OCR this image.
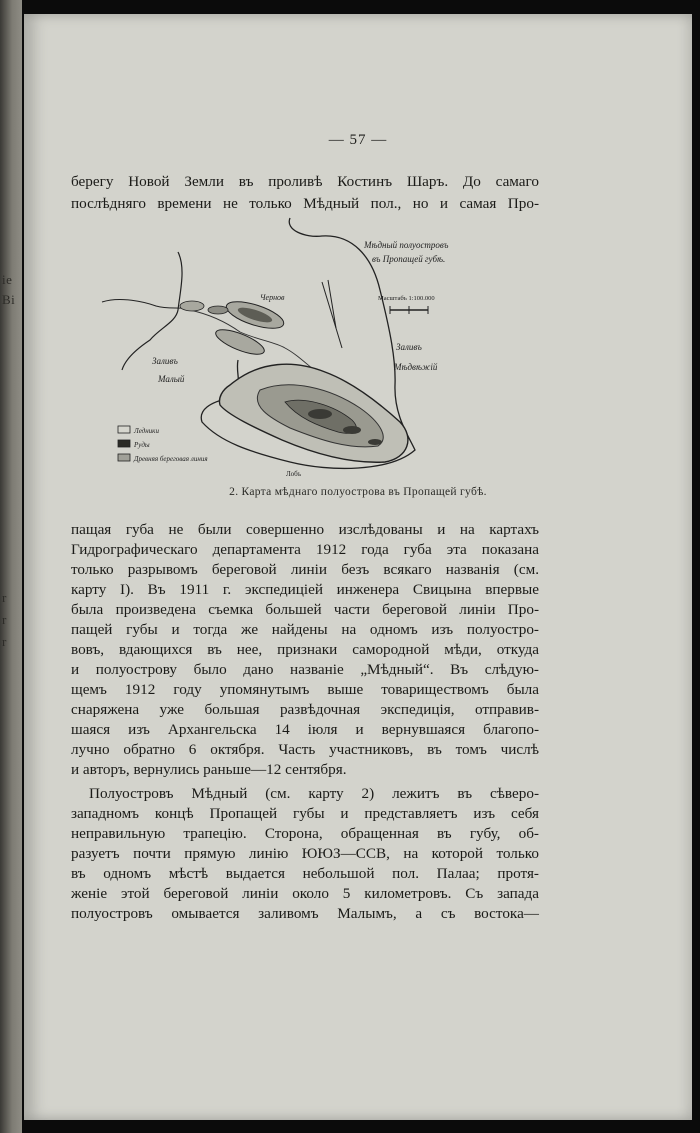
ie
Bi
r
r
r
— 57 —
берегу Новой Земли въ проливѣ Костинъ Шаръ. До самаго
послѣдняго времени не только Мѣдный пол., но и самая Про-
Мѣдный полуостровъ
въ Пропащей губѣ.
Масштабъ 1:100.000
Чернов
Заливъ
Малый
Заливъ
Мѣдвѣжій
Лобъ
Ледники
Руды
Древняя береговая линия
2. Карта мѣднаго полуострова въ Пропащей губѣ.
пащая губа не были совершенно изслѣдованы и на картахъ
Гидрографическаго департамента 1912 года губа эта показана
только разрывомъ береговой линіи безъ всякаго названія (см.
карту I). Въ 1911 г. экспедиціей инженера Свицына впервые
была произведена съемка большей части береговой линіи Про-
пащей губы и тогда же найдены на одномъ изъ полуостро-
вовъ, вдающихся въ нее, признаки самородной мѣди, откуда
и полуострову было дано названіе „Мѣдный“. Въ слѣдую-
щемъ 1912 году упомянутымъ выше товариществомъ была
снаряжена уже большая развѣдочная экспедиція, отправив-
шаяся изъ Архангельска 14 іюля и вернувшаяся благопо-
лучно обратно 6 октября. Часть участниковъ, въ томъ числѣ
и авторъ, вернулись раньше—12 сентября.
Полуостровъ Мѣдный (см. карту 2) лежитъ въ сѣверо-
западномъ концѣ Пропащей губы и представляетъ изъ себя
неправильную трапецію. Сторона, обращенная въ губу, об-
разуетъ почти прямую линію ЮЮЗ—ССВ, на которой только
въ одномъ мѣстѣ выдается небольшой пол. Палаа; протя-
женіе этой береговой линіи около 5 километровъ. Съ запада
полуостровъ омывается заливомъ Малымъ, а съ востока—
